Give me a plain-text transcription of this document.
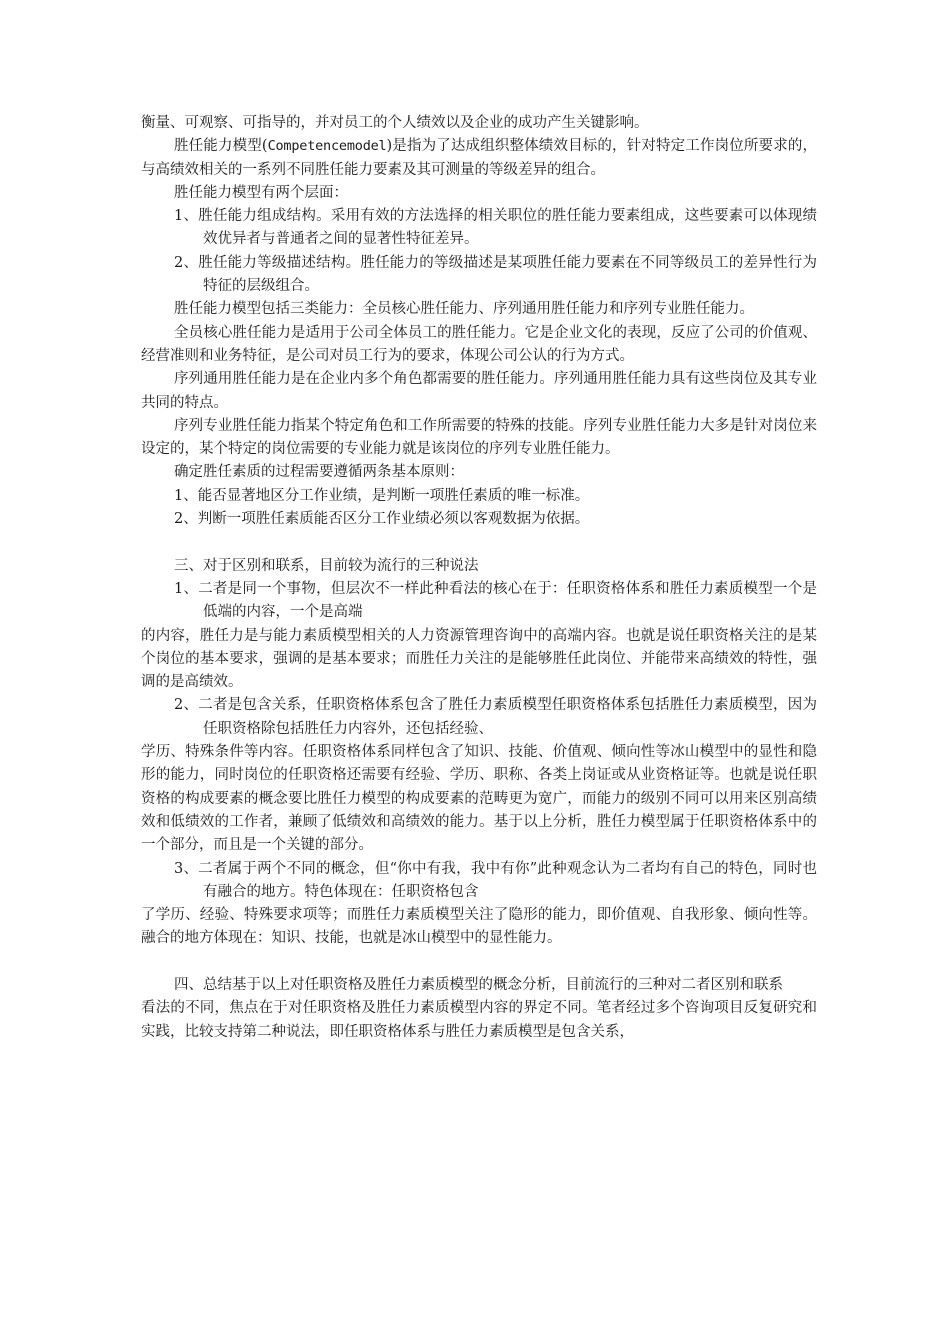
衡量、可观察、可指导的，并对员工的个人绩效以及企业的成功产生关键影响。
胜任能力模型(Competencemodel)是指为了达成组织整体绩效目标的，针对特定工作岗位所要求的，与高绩效相关的一系列不同胜任能力要素及其可测量的等级差异的组合。
胜任能力模型有两个层面：
1、胜任能力组成结构。采用有效的方法选择的相关职位的胜任能力要素组成，这些要素可以体现绩效优异者与普通者之间的显著性特征差异。
2、胜任能力等级描述结构。胜任能力的等级描述是某项胜任能力要素在不同等级员工的差异性行为特征的层级组合。
胜任能力模型包括三类能力：全员核心胜任能力、序列通用胜任能力和序列专业胜任能力。
全员核心胜任能力是适用于公司全体员工的胜任能力。它是企业文化的表现，反应了公司的价值观、经营准则和业务特征，是公司对员工行为的要求，体现公司公认的行为方式。
序列通用胜任能力是在企业内多个角色都需要的胜任能力。序列通用胜任能力具有这些岗位及其专业共同的特点。
序列专业胜任能力指某个特定角色和工作所需要的特殊的技能。序列专业胜任能力大多是针对岗位来设定的，某个特定的岗位需要的专业能力就是该岗位的序列专业胜任能力。
确定胜任素质的过程需要遵循两条基本原则：
1、能否显著地区分工作业绩，是判断一项胜任素质的唯一标准。
2、判断一项胜任素质能否区分工作业绩必须以客观数据为依据。
三、对于区别和联系，目前较为流行的三种说法
1、二者是同一个事物，但层次不一样此种看法的核心在于：任职资格体系和胜任力素质模型一个是低端的内容，一个是高端
的内容，胜任力是与能力素质模型相关的人力资源管理咨询中的高端内容。也就是说任职资格关注的是某个岗位的基本要求，强调的是基本要求；而胜任力关注的是能够胜任此岗位、并能带来高绩效的特性，强调的是高绩效。
2、二者是包含关系，任职资格体系包含了胜任力素质模型任职资格体系包括胜任力素质模型，因为任职资格除包括胜任力内容外，还包括经验、
学历、特殊条件等内容。任职资格体系同样包含了知识、技能、价值观、倾向性等冰山模型中的显性和隐形的能力，同时岗位的任职资格还需要有经验、学历、职称、各类上岗证或从业资格证等。也就是说任职资格的构成要素的概念要比胜任力模型的构成要素的范畴更为宽广，而能力的级别不同可以用来区别高绩效和低绩效的工作者，兼顾了低绩效和高绩效的能力。基于以上分析，胜任力模型属于任职资格体系中的一个部分，而且是一个关键的部分。
3、二者属于两个不同的概念，但“你中有我，我中有你”此种观念认为二者均有自己的特色，同时也有融合的地方。特色体现在：任职资格包含
了学历、经验、特殊要求项等；而胜任力素质模型关注了隐形的能力，即价值观、自我形象、倾向性等。融合的地方体现在：知识、技能，也就是冰山模型中的显性能力。
四、总结基于以上对任职资格及胜任力素质模型的概念分析，目前流行的三种对二者区别和联系
看法的不同，焦点在于对任职资格及胜任力素质模型内容的界定不同。笔者经过多个咨询项目反复研究和实践，比较支持第二种说法，即任职资格体系与胜任力素质模型是包含关系，
